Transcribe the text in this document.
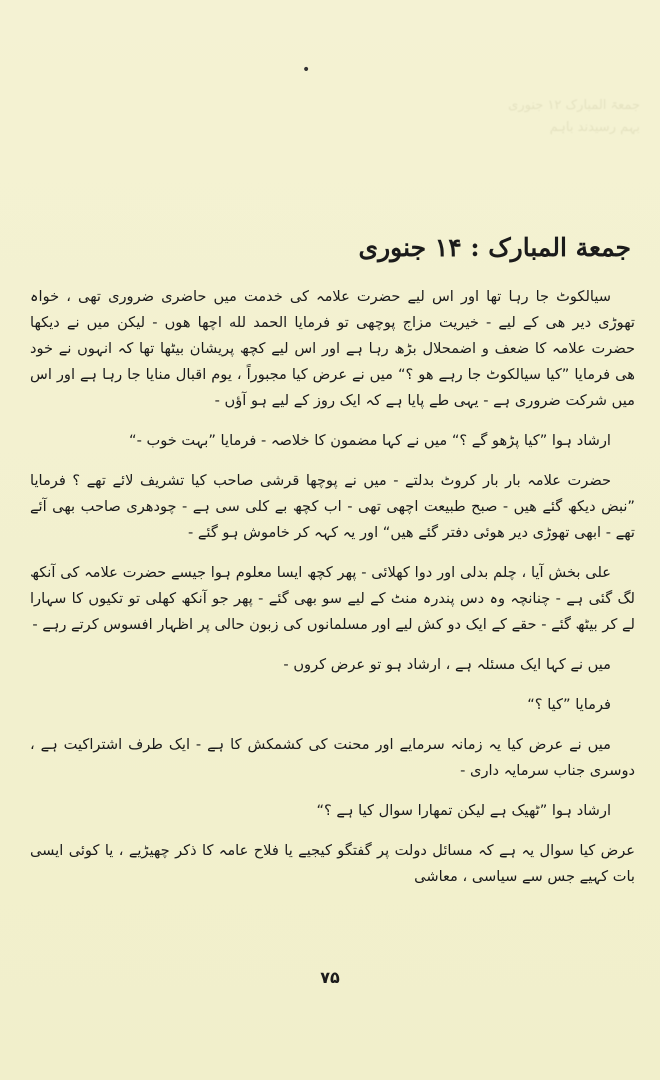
جمعۃ المبارک ۱۲ جنوری
بہم رسیدند باہم

•
جمعة المبارک : ۱۴ جنوری

سیالکوٹ جا رہا تھا اور اس لیے حضرت علامہ کی خدمت میں حاضری ضروری تھی ، خواہ تھوڑی دیر ھی کے لیے - خیریت مزاج پوچھی تو فرمایا الحمد لله اچھا ھوں - لیکن میں نے دیکھا حضرت علامہ کا ضعف و اضمحلال بڑھ رہا ہے اور اس لیے کچھ پریشان بیٹھا تھا کہ انہوں نے خود ھی فرمایا ”کیا سیالکوٹ جا رہے ھو ؟“ میں نے عرض کیا مجبوراً ، یوم اقبال منایا جا رہا ہے اور اس میں شرکت ضروری ہے - یہی طے پایا ہے کہ ایک روز کے لیے ہو آؤں -

ارشاد ہوا ”کیا پڑھو گے ؟“ میں نے کہا مضمون کا خلاصہ - فرمایا ”بہت خوب -“

حضرت علامہ بار بار کروٹ بدلتے - میں نے پوچھا قرشی صاحب کیا تشریف لائے تھے ؟ فرمایا ”نبض دیکھ گئے ھیں - صبح طبیعت اچھی تھی - اب کچھ بے کلی سی ہے - چودھری صاحب بھی آئے تھے - ابھی تھوڑی دیر ھوئی دفتر گئے ھیں“ اور یہ کہہ کر خاموش ہو گئے -

علی بخش آیا ، چلم بدلی اور دوا کھلائی - پھر کچھ ایسا معلوم ہوا جیسے حضرت علامہ کی آنکھ لگ گئی ہے - چنانچہ وہ دس پندرہ منٹ کے لیے سو بھی گئے - پھر جو آنکھ کھلی تو تکیوں کا سہارا لے کر بیٹھ گئے - حقے کے ایک دو کش لیے اور مسلمانوں کی زبون حالی پر اظہار افسوس کرتے رہے -

میں نے کہا ایک مسئلہ ہے ، ارشاد ہو تو عرض کروں -

فرمایا ”کیا ؟“

میں نے عرض کیا یہ زمانہ سرمایے اور محنت کی کشمکش کا ہے - ایک طرف اشتراکیت ہے ، دوسری جناب سرمایہ داری -

ارشاد ہوا ”ٹھیک ہے لیکن تمھارا سوال کیا ہے ؟“

عرض کیا سوال یہ ہے کہ مسائل دولت پر گفتگو کیجیے یا فلاح عامہ کا ذکر چھیڑیے ، یا کوئی ایسی بات کہیے جس سے سیاسی ، معاشی

۷۵
